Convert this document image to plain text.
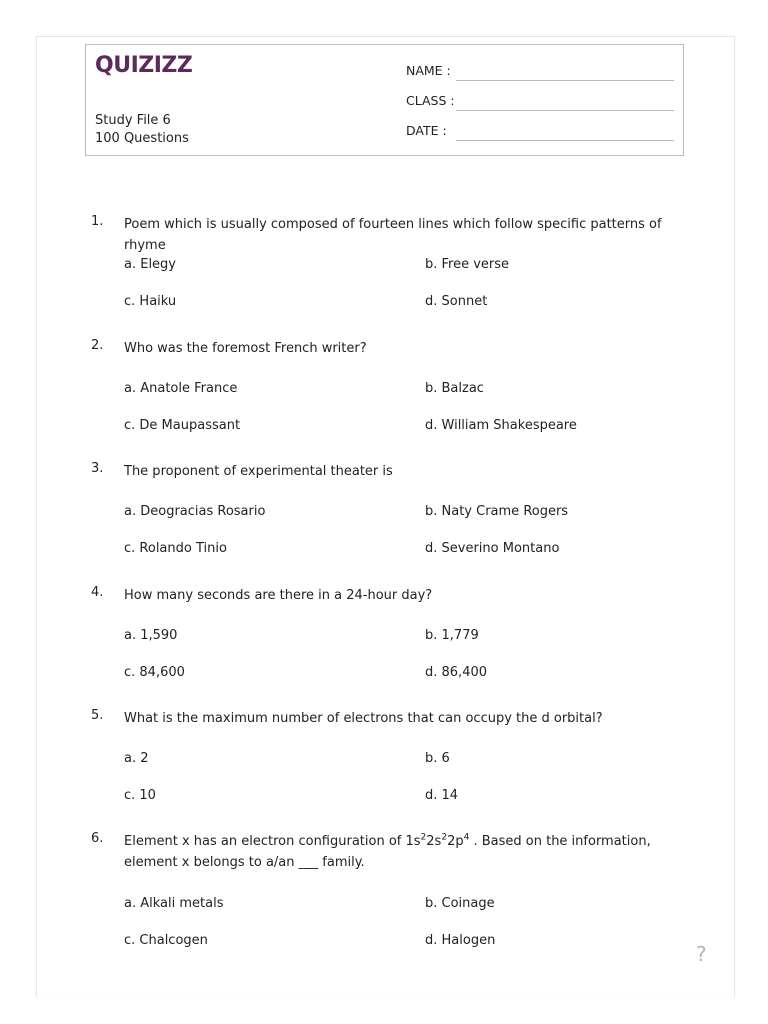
QUIZIZZ
Study File 6
100 Questions
NAME :
CLASS :
DATE :
1. Poem which is usually composed of fourteen lines which follow specific patterns of rhyme
a. Elegy	b. Free verse
c. Haiku	d. Sonnet
2. Who was the foremost French writer?
a. Anatole France	b. Balzac
c. De Maupassant	d. William Shakespeare
3. The proponent of experimental theater is
a. Deogracias Rosario	b. Naty Crame Rogers
c. Rolando Tinio	d. Severino Montano
4. How many seconds are there in a 24-hour day?
a. 1,590	b. 1,779
c. 84,600	d. 86,400
5. What is the maximum number of electrons that can occupy the d orbital?
a. 2	b. 6
c. 10	d. 14
6. Element x has an electron configuration of $1s^22s^22p^4$ . Based on the information, element x belongs to a/an ___ family.
a. Alkali metals	b. Coinage
c. Chalcogen	d. Halogen
?
